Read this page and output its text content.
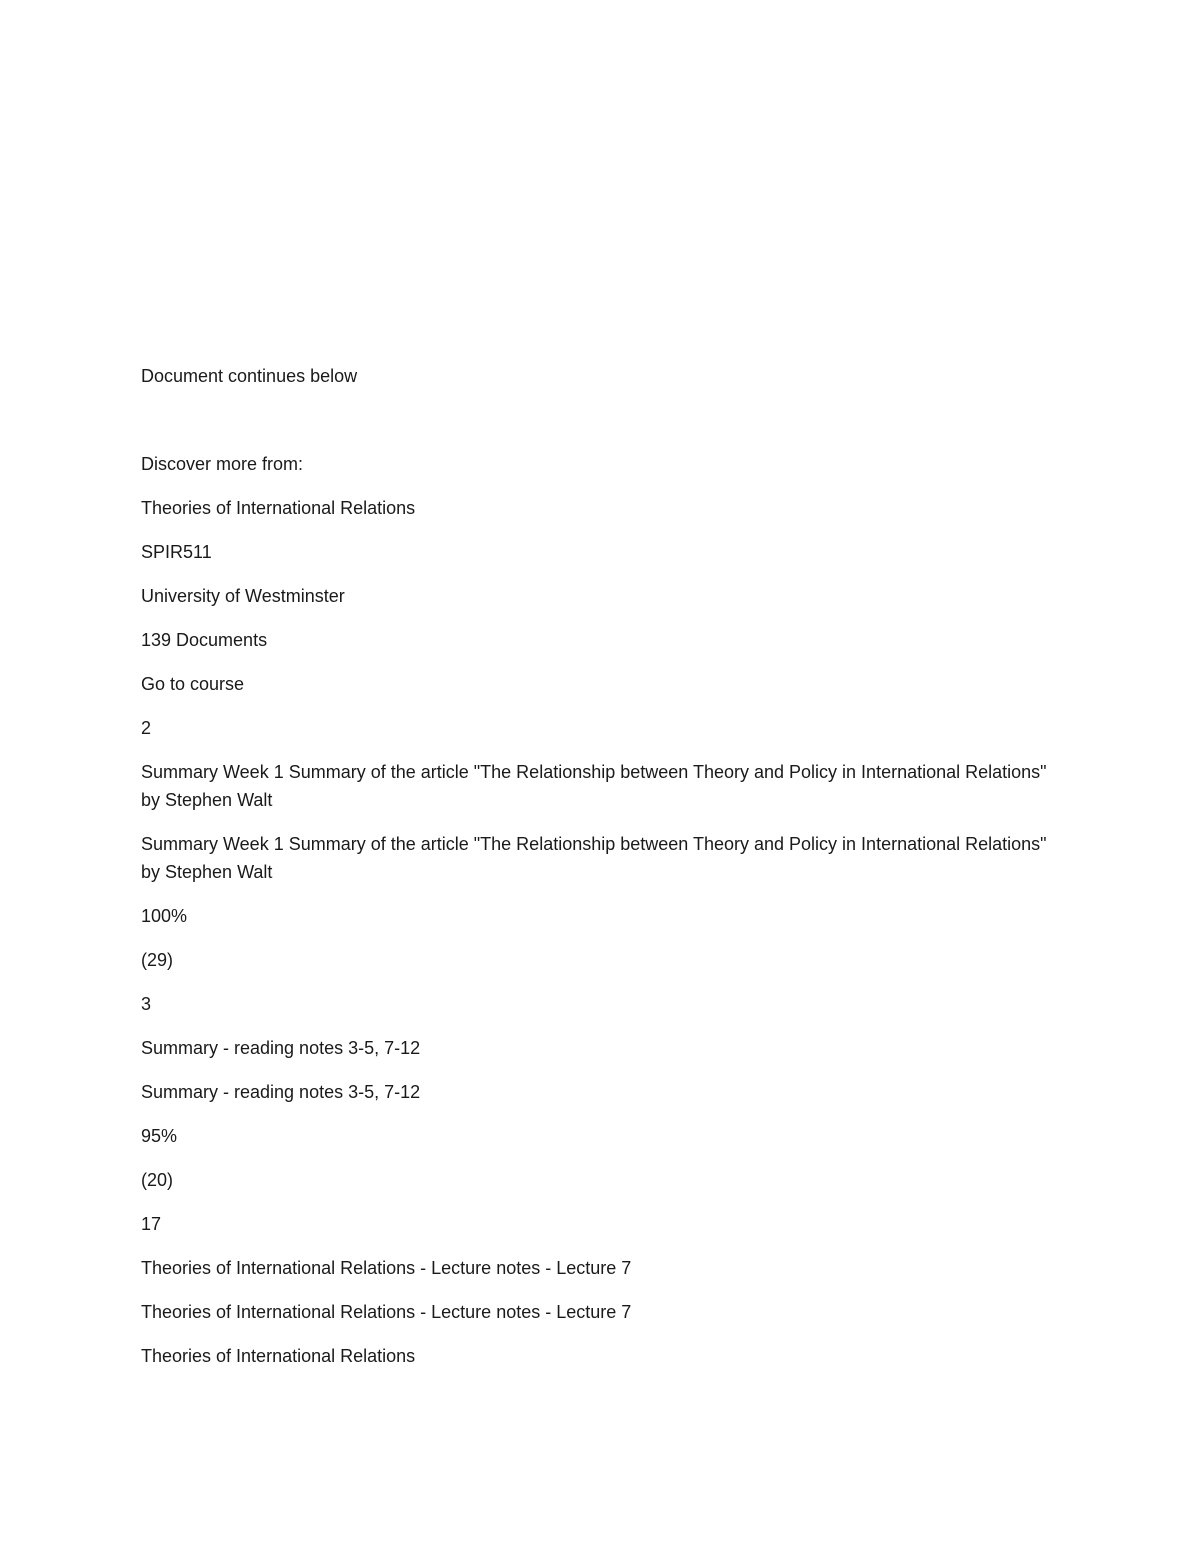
Document continues below

Discover more from:

Theories of International Relations

SPIR511

University of Westminster

139 Documents

Go to course

2

Summary Week 1 Summary of the article "The Relationship between Theory and Policy in International Relations" by Stephen Walt

Summary Week 1 Summary of the article "The Relationship between Theory and Policy in International Relations" by Stephen Walt

100%

(29)

3

Summary - reading notes 3-5, 7-12

Summary - reading notes 3-5, 7-12

95%

(20)

17

Theories of International Relations - Lecture notes - Lecture 7

Theories of International Relations - Lecture notes - Lecture 7

Theories of International Relations
